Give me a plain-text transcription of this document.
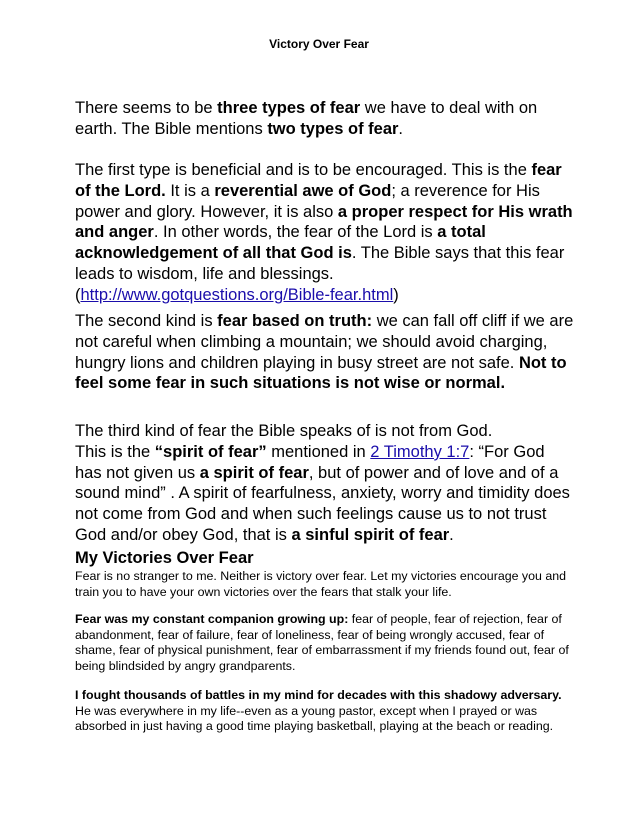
Victory Over Fear

There seems to be three types of fear we have to deal with on earth. The Bible mentions two types of fear.

The first type is beneficial and is to be encouraged. This is the fear of the Lord. It is a reverential awe of God; a reverence for His power and glory. However, it is also a proper respect for His wrath and anger. In other words, the fear of the Lord is a total acknowledgement of all that God is. The Bible says that this fear leads to wisdom, life and blessings.
(http://www.gotquestions.org/Bible-fear.html)

The second kind is fear based on truth: we can fall off cliff if we are not careful when climbing a mountain; we should avoid charging, hungry lions and children playing in busy street are not safe. Not to feel some fear in such situations is not wise or normal.

The third kind of fear the Bible speaks of is not from God.
This is the “spirit of fear” mentioned in 2 Timothy 1:7: “For God has not given us a spirit of fear, but of power and of love and of a sound mind” . A spirit of fearfulness, anxiety, worry and timidity does not come from God and when such feelings cause us to not trust God and/or obey God, that is a sinful spirit of fear.

My Victories Over Fear

Fear is no stranger to me. Neither is victory over fear. Let my victories encourage you and train you to have your own victories over the fears that stalk your life.

Fear was my constant companion growing up: fear of people, fear of rejection, fear of abandonment, fear of failure, fear of loneliness, fear of being wrongly accused, fear of shame, fear of physical punishment, fear of embarrassment if my friends found out, fear of being blindsided by angry grandparents.

I fought thousands of battles in my mind for decades with this shadowy adversary. He was everywhere in my life--even as a young pastor, except when I prayed or was absorbed in just having a good time playing basketball, playing at the beach or reading.
